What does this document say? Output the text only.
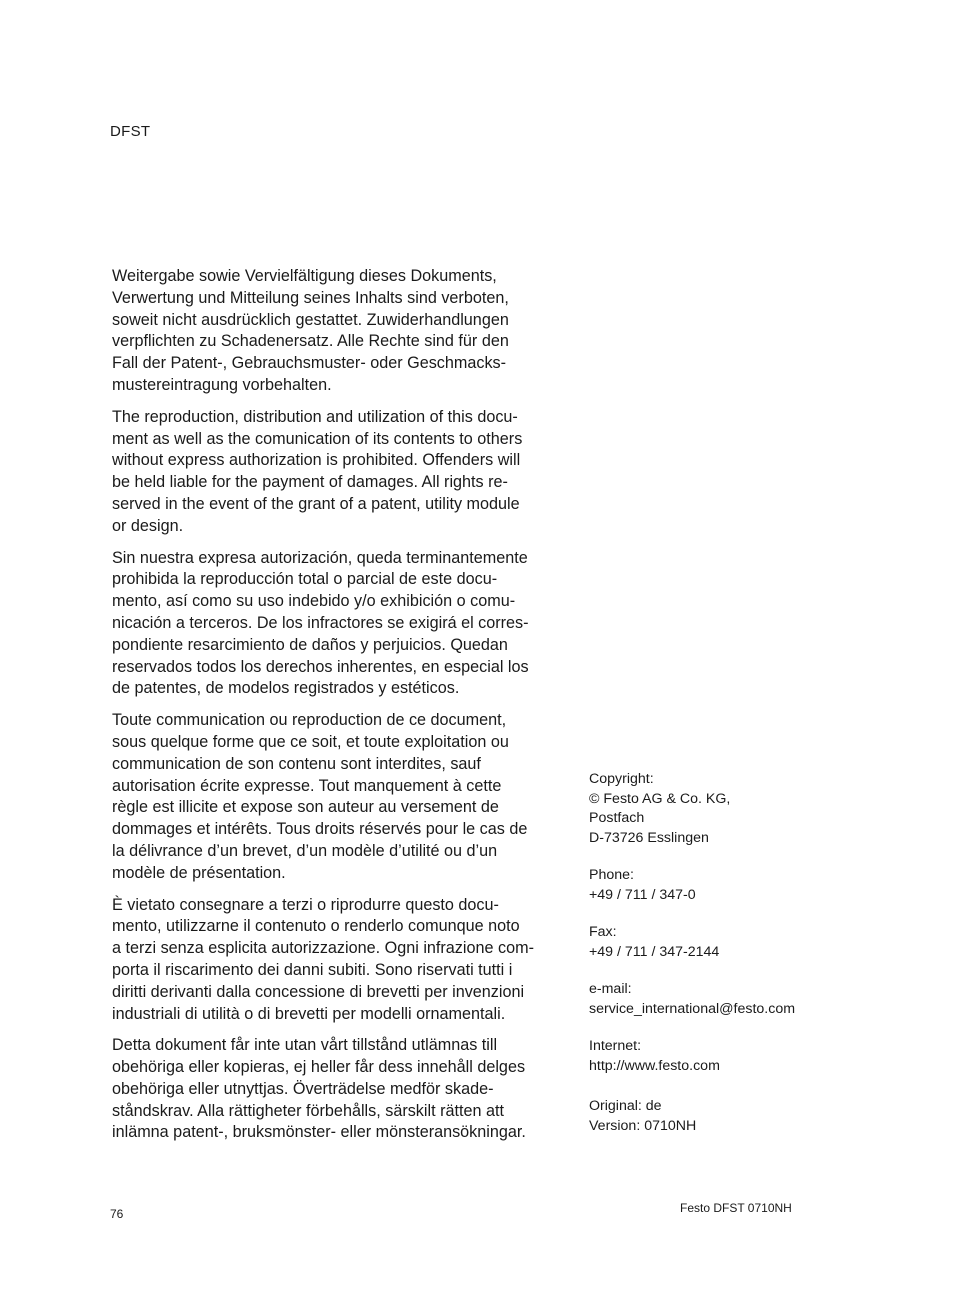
DFST

Weitergabe sowie Vervielfältigung dieses Dokuments,
Verwertung und Mitteilung seines Inhalts sind verboten,
soweit nicht ausdrücklich gestattet. Zuwiderhandlungen
verpflichten zu Schadenersatz. Alle Rechte sind für den
Fall der Patent-, Gebrauchsmuster- oder Geschmacks-
mustereintragung vorbehalten.

The reproduction, distribution and utilization of this docu-
ment as well as the comunication of its contents to others
without express authorization is prohibited. Offenders will
be held liable for the payment of damages. All rights re-
served in the event of the grant of a patent, utility module
or design.

Sin nuestra expresa autorización, queda terminantemente
prohibida la reproducción total o parcial de este docu-
mento, así como su uso indebido y/o exhibición o comu-
nicación a terceros. De los infractores se exigirá el corres-
pondiente resarcimiento de daños y perjuicios. Quedan
reservados todos los derechos inherentes, en especial los
de patentes, de modelos registrados y estéticos.

Toute communication ou reproduction de ce document,
sous quelque forme que ce soit, et toute exploitation ou
communication de son contenu sont interdites, sauf
autorisation écrite expresse. Tout manquement à cette
règle est illicite et expose son auteur au versement de
dommages et intérêts. Tous droits réservés pour le cas de
la délivrance d’un brevet, d’un modèle d’utilité ou d’un
modèle de présentation.

È vietato consegnare a terzi o riprodurre questo docu-
mento, utilizzarne il contenuto o renderlo comunque noto
a terzi senza esplicita autorizzazione. Ogni infrazione com-
porta il riscarimento dei danni subiti. Sono riservati tutti i
diritti derivanti dalla concessione di brevetti per invenzioni
industriali di utilità o di brevetti per modelli ornamentali.

Detta dokument får inte utan vårt tillstånd utlämnas till
obehöriga eller kopieras, ej heller får dess innehåll delges
obehöriga eller utnyttjas. Överträdelse medför skade-
ståndskrav. Alla rättigheter förbehålls, särskilt rätten att
inlämna patent-, bruksmönster- eller mönsteransökningar.

Copyright:
© Festo AG & Co. KG,
Postfach
D-73726 Esslingen
Phone:
+49 / 711 / 347-0
Fax:
+49 / 711 / 347-2144
e-mail:
service_international@festo.com
Internet:
http://www.festo.com
Original: de
Version: 0710NH
76	Festo DFST 0710NH
